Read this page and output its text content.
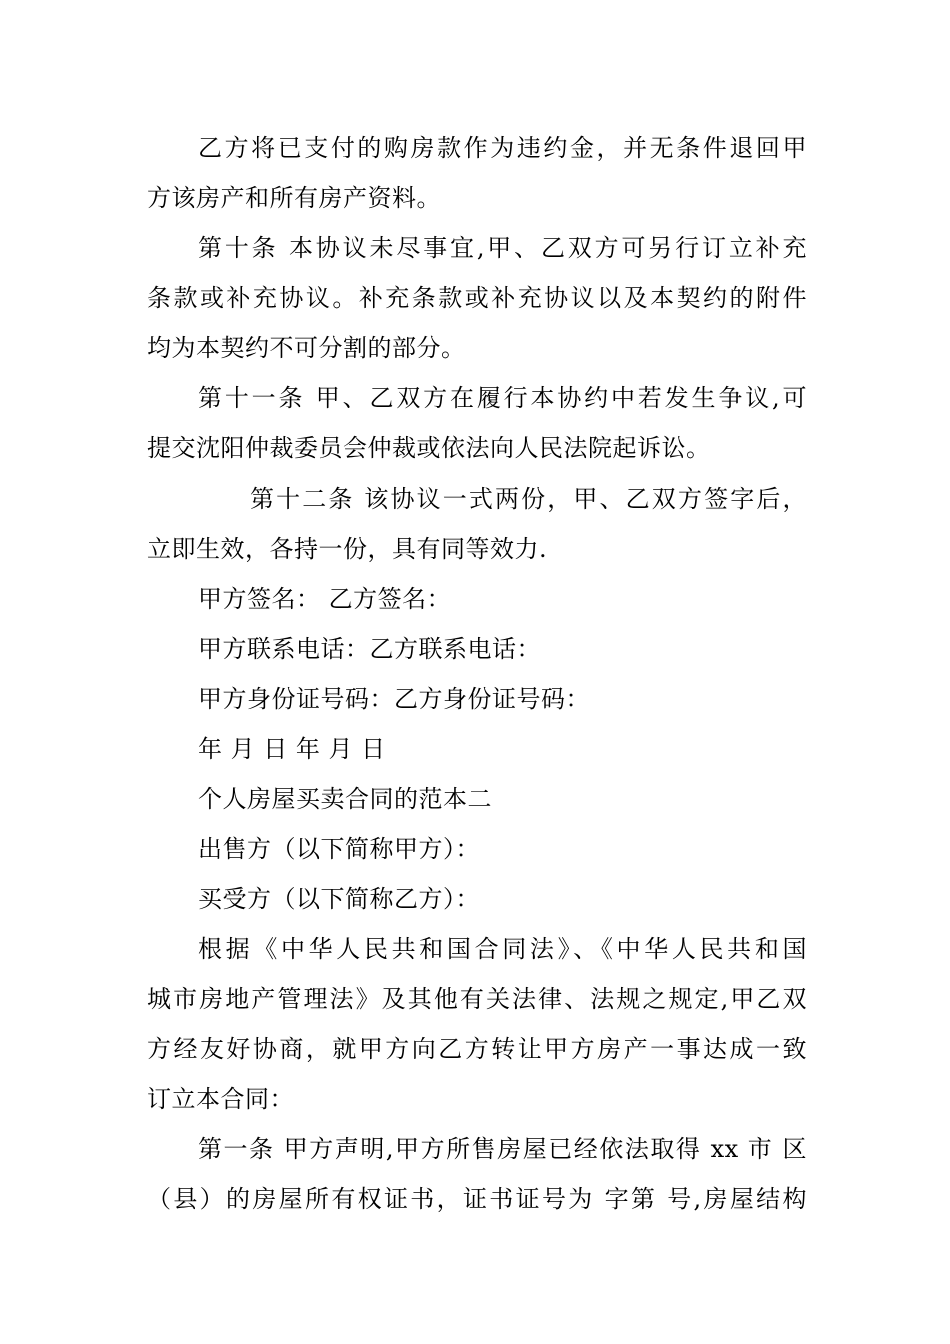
乙方将已支付的购房款作为违约金，并无条件退回甲
方该房产和所有房产资料。
第十条 本协议未尽事宜,甲、乙双方可另行订立补充
条款或补充协议。补充条款或补充协议以及本契约的附件
均为本契约不可分割的部分。
第十一条 甲、乙双方在履行本协约中若发生争议,可
提交沈阳仲裁委员会仲裁或依法向人民法院起诉讼。
第十二条 该协议一式两份，甲、乙双方签字后，
立即生效，各持一份，具有同等效力.
甲方签名： 乙方签名：
甲方联系电话：乙方联系电话：
甲方身份证号码：乙方身份证号码：
年 月 日 年 月 日
个人房屋买卖合同的范本二
出售方（以下简称甲方）：
买受方（以下简称乙方）：
根据《中华人民共和国合同法》、《中华人民共和国
城市房地产管理法》及其他有关法律、法规之规定,甲乙双
方经友好协商，就甲方向乙方转让甲方房产一事达成一致
订立本合同：
第一条 甲方声明,甲方所售房屋已经依法取得 xx 市 区
（县）的房屋所有权证书，证书证号为 字第 号,房屋结构
